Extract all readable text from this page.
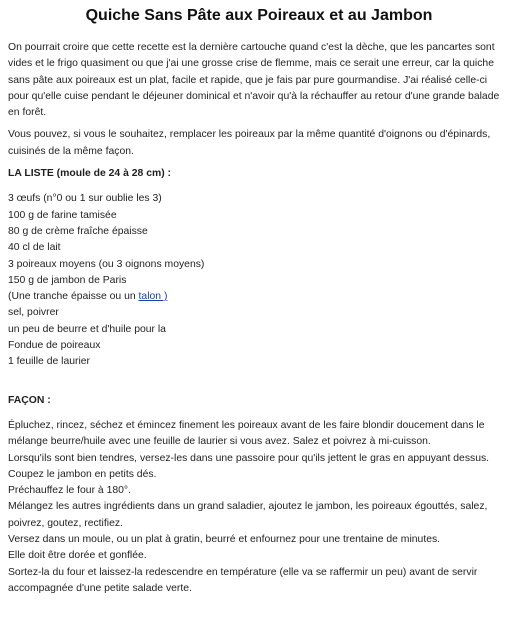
Quiche Sans Pâte aux Poireaux et au Jambon

On pourrait croire que cette recette est la dernière cartouche quand c'est la dèche, que les pancartes sont vides et le frigo quasiment ou que j'ai une grosse crise de flemme, mais ce serait une erreur, car la quiche sans pâte aux poireaux est un plat, facile et rapide, que je fais par pure gourmandise. J'ai réalisé celle-ci pour qu'elle cuise pendant le déjeuner dominical et n'avoir qu'à la réchauffer au retour d'une grande balade en forêt.

Vous pouvez, si vous le souhaitez, remplacer les poireaux par la même quantité d'oignons ou d'épinards, cuisinés de la même façon.

LA LISTE (moule de 24 à 28 cm) :

3 œufs (n°0 ou 1 sur oublie les 3)

100 g de farine tamisée

80 g de crème fraîche épaisse

40 cl de lait

3 poireaux moyens (ou 3 oignons moyens)

150 g de jambon de Paris

(Une tranche épaisse ou un talon )

sel, poivrer

un peu de beurre et d'huile pour la

Fondue de poireaux

1 feuille de laurier

FAÇON :

Épluchez, rincez, séchez et émincez finement les poireaux avant de les faire blondir doucement dans le mélange beurre/huile avec une feuille de laurier si vous avez. Salez et poivrez à mi-cuisson.

Lorsqu'ils sont bien tendres, versez-les dans une passoire pour qu'ils jettent le gras en appuyant dessus.

Coupez le jambon en petits dés.

Préchauffez le four à 180°.

Mélangez les autres ingrédients dans un grand saladier, ajoutez le jambon, les poireaux égouttés, salez, poivrez, goutez, rectifiez.

Versez dans un moule, ou un plat à gratin, beurré et enfournez pour une trentaine de minutes.

Elle doit être dorée et gonflée.

Sortez-la du four et laissez-la redescendre en température (elle va se raffermir un peu) avant de servir accompagnée d'une petite salade verte.
